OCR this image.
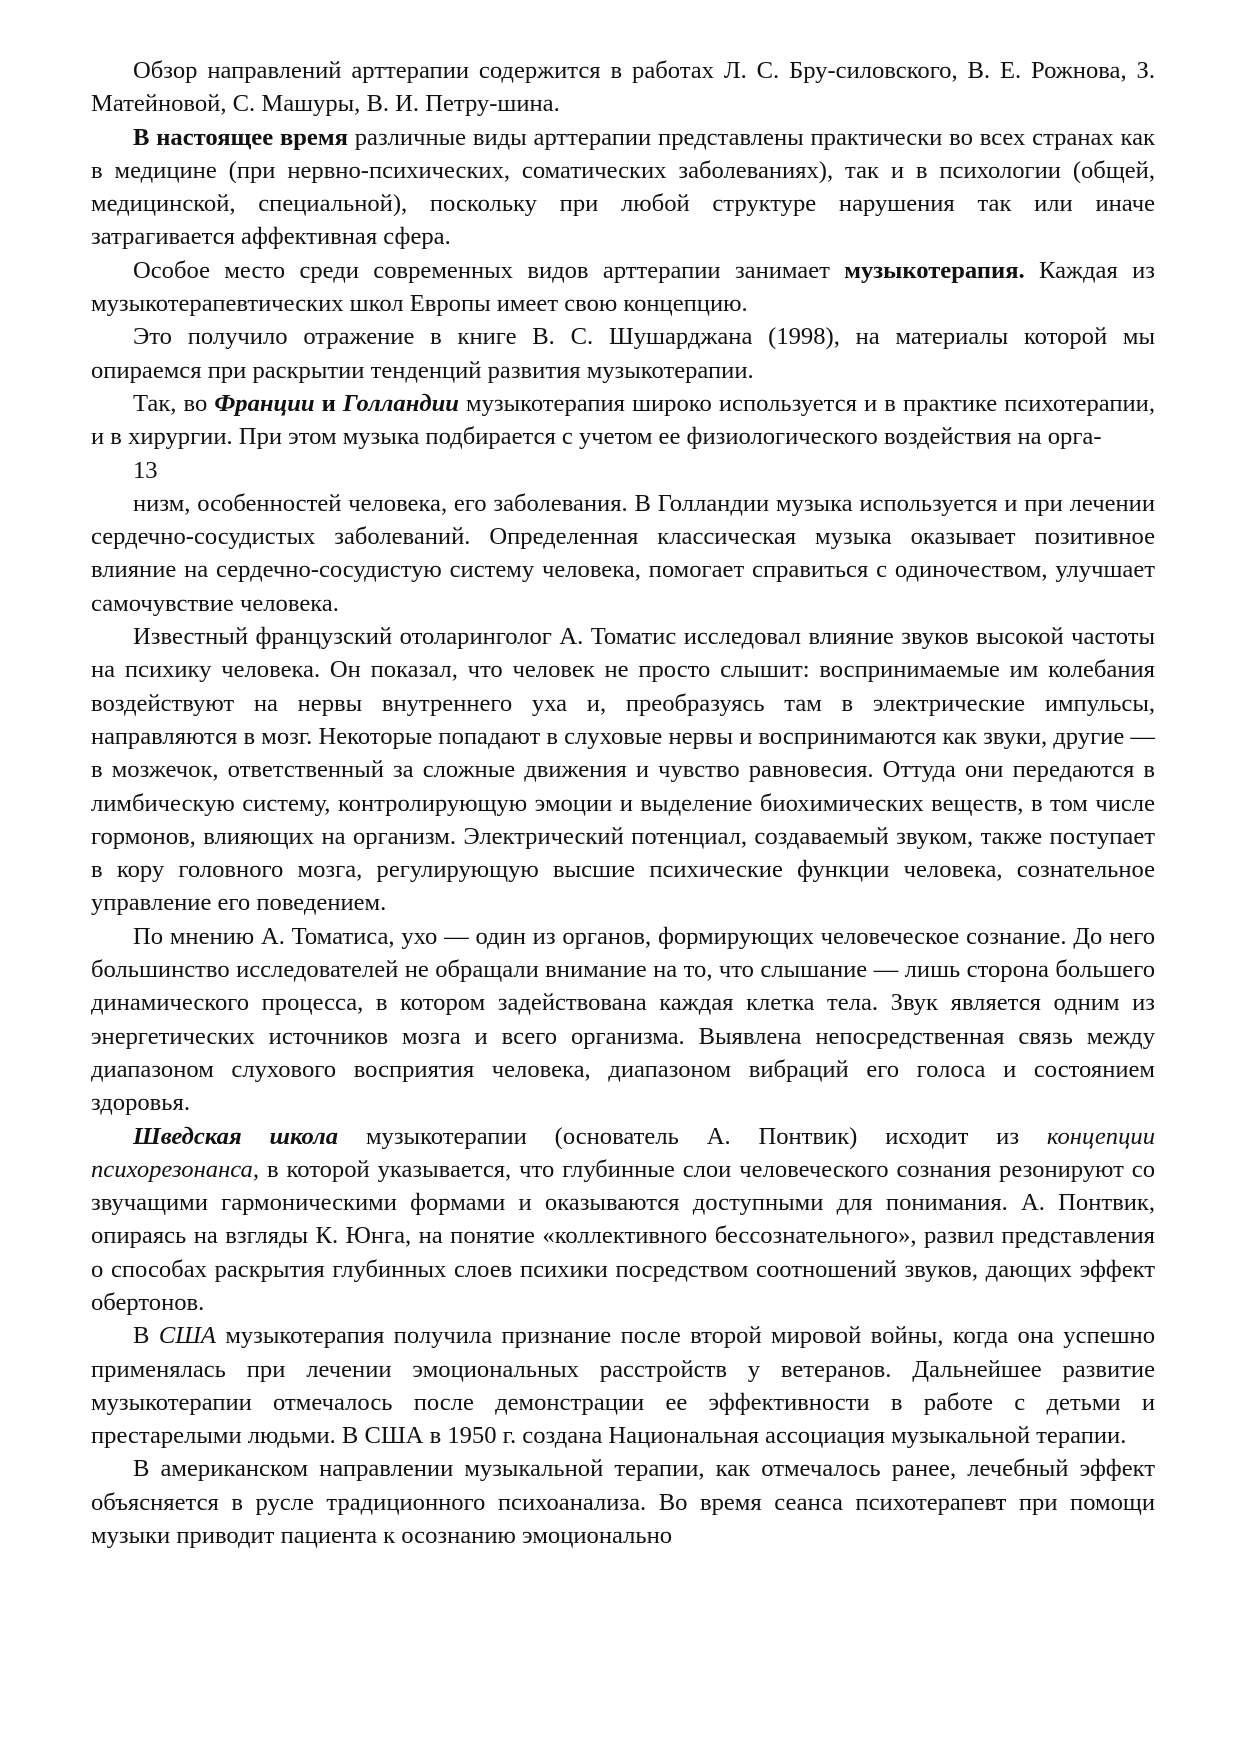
Обзор направлений арттерапии содержится в работах Л. С. Бру-силовского, В. Е. Рожнова, З. Матейновой, С. Машуры, В. И. Петру-шина.

В настоящее время различные виды арттерапии представлены практически во всех странах как в медицине (при нервно-психических, соматических заболеваниях), так и в психологии (общей, медицинской, специальной), поскольку при любой структуре нарушения так или иначе затрагивается аффективная сфера.

Особое место среди современных видов арттерапии занимает музыкотерапия. Каждая из музыкотерапевтических школ Европы имеет свою концепцию.

Это получило отражение в книге В. С. Шушарджана (1998), на материалы которой мы опираемся при раскрытии тенденций развития музыкотерапии.

Так, во Франции и Голландии музыкотерапия широко используется и в практике психотерапии, и в хирургии. При этом музыка подбирается с учетом ее физиологического воздействия на орга-

13

низм, особенностей человека, его заболевания. В Голландии музыка используется и при лечении сердечно-сосудистых заболеваний. Определенная классическая музыка оказывает позитивное влияние на сердечно-сосудистую систему человека, помогает справиться с одиночеством, улучшает самочувствие человека.

Известный французский отоларинголог А. Томатис исследовал влияние звуков высокой частоты на психику человека. Он показал, что человек не просто слышит: воспринимаемые им колебания воздействуют на нервы внутреннего уха и, преобразуясь там в электрические импульсы, направляются в мозг. Некоторые попадают в слуховые нервы и воспринимаются как звуки, другие — в мозжечок, ответственный за сложные движения и чувство равновесия. Оттуда они передаются в лимбическую систему, контролирующую эмоции и выделение биохимических веществ, в том числе гормонов, влияющих на организм. Электрический потенциал, создаваемый звуком, также поступает в кору головного мозга, регулирующую высшие психические функции человека, сознательное управление его поведением.

По мнению А. Томатиса, ухо — один из органов, формирующих человеческое сознание. До него большинство исследователей не обращали внимание на то, что слышание — лишь сторона большего динамического процесса, в котором задействована каждая клетка тела. Звук является одним из энергетических источников мозга и всего организма. Выявлена непосредственная связь между диапазоном слухового восприятия человека, диапазоном вибраций его голоса и состоянием здоровья.

Шведская школа музыкотерапии (основатель А. Понтвик) исходит из концепции психорезонанса, в которой указывается, что глубинные слои человеческого сознания резонируют со звучащими гармоническими формами и оказываются доступными для понимания. А. Понтвик, опираясь на взгляды К. Юнга, на понятие «коллективного бессознательного», развил представления о способах раскрытия глубинных слоев психики посредством соотношений звуков, дающих эффект обертонов.

В США музыкотерапия получила признание после второй мировой войны, когда она успешно применялась при лечении эмоциональных расстройств у ветеранов. Дальнейшее развитие музыкотерапии отмечалось после демонстрации ее эффективности в работе с детьми и престарелыми людьми. В США в 1950 г. создана Национальная ассоциация музыкальной терапии.

В американском направлении музыкальной терапии, как отмечалось ранее, лечебный эффект объясняется в русле традиционного психоанализа. Во время сеанса психотерапевт при помощи музыки приводит пациента к осознанию эмоционально
